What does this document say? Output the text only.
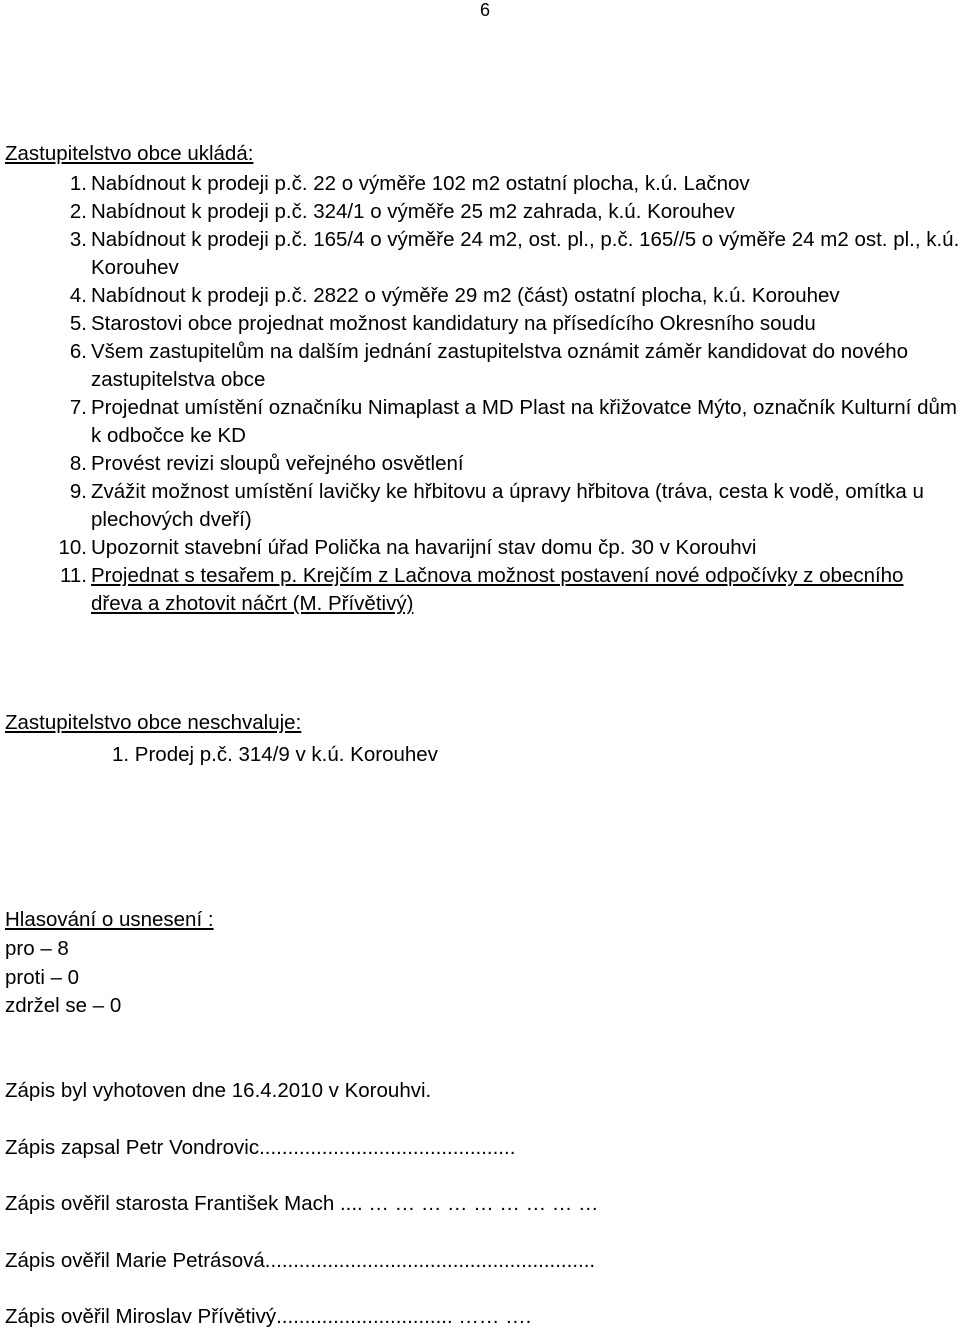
6
Zastupitelstvo obce ukládá:
1. Nabídnout k prodeji p.č. 22 o výměře 102 m2 ostatní plocha, k.ú. Lačnov
2. Nabídnout k prodeji p.č. 324/1 o výměře 25 m2 zahrada, k.ú. Korouhev
3. Nabídnout k prodeji p.č. 165/4 o výměře 24 m2, ost. pl., p.č. 165//5 o výměře 24 m2 ost. pl., k.ú. Korouhev
4. Nabídnout k prodeji p.č. 2822 o výměře 29 m2 (část) ostatní plocha, k.ú. Korouhev
5. Starostovi obce projednat možnost kandidatury na přísedícího Okresního soudu
6. Všem zastupitelům na dalším jednání zastupitelstva oznámit záměr kandidovat do nového zastupitelstva obce
7. Projednat umístění označníku Nimaplast a MD Plast na křižovatce Mýto, označník Kulturní dům k odbočce ke KD
8. Provést revizi sloupů veřejného osvětlení
9. Zvážit možnost umístění lavičky ke hřbitovu a úpravy hřbitova (tráva, cesta k vodě, omítka u plechových dveří)
10. Upozornit stavební úřad Polička na havarijní stav domu čp. 30 v Korouhvi
11. Projednat s tesařem p. Krejčím z Lačnova možnost postavení nové odpočívky z obecního dřeva a zhotovit náčrt (M. Přívětivý)
Zastupitelstvo obce neschvaluje:
1. Prodej p.č. 314/9 v k.ú. Korouhev
Hlasování o usnesení :
pro – 8
proti – 0
zdržel se – 0
Zápis byl vyhotoven dne 16.4.2010 v Korouhvi.
Zápis zapsal Petr Vondrovic.............................................
Zápis ověřil starosta František Mach .... … … … … … … … … …
Zápis ověřil Marie Petrásová..........................................................
Zápis ověřil Miroslav Přívětivý............................... …… ….
